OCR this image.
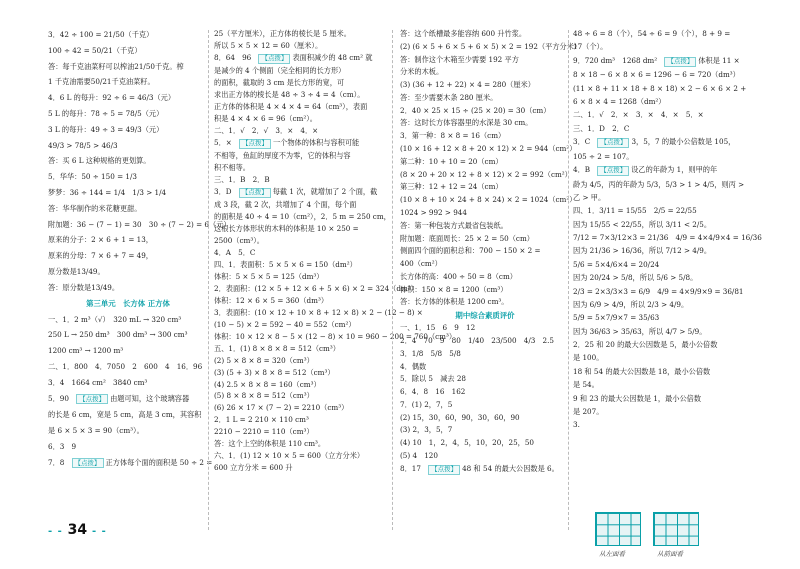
3．42 ÷ 100 = 21/50（千克）

100 ÷ 42 = 50/21（千克）

答：每千克油菜籽可以榨油21/50千克。榨

1 千克油需要50/21千克油菜籽。

4．6 L 的每升：92 ÷ 6 = 46/3（元）

5 L 的每升：78 ÷ 5 = 78/5（元）

3 L 的每升：49 ÷ 3 = 49/3（元）

49/3 > 78/5 > 46/3

答：买 6 L 这种规格的更划算。

5．华华：50 ÷ 150 = 1/3

梦梦：36 ÷ 144 = 1/4　1/3 > 1/4

答：华华制作的米花糖更甜。

附加题：36 − (7 − 1) = 30　30 ÷ (7 − 2) = 6（元）

原来的分子：2 × 6 + 1 = 13，

原来的分母：7 × 6 + 7 = 49，

原分数是13/49。

答：原分数是13/49。

第三单元　长方体 正方体

一、1．2 m³（√）　320 mL → 320 cm³

250 L → 250 dm³　300 dm³ → 300 cm³

1200 cm³ → 1200 m³

二、1．800　4．7050　2　600　4　16．96

3．4　1664 cm²　3840 cm³

5．90　【点拨】 由题可知，这个玻璃容器

的长是 6 cm，宽是 5 cm，高是 3 cm，其容积

是 6 × 5 × 3 = 90（cm³）。

6．3　9

7．8　【点拨】 正方体每个面的面积是 50 ÷ 2 =

25（平方厘米），正方体的棱长是 5 厘米。

所以 5 × 5 × 12 = 60（厘米）。

8．64　96　【点拨】 表面积减少的 48 cm² 就

是减少的 4 个侧面（完全相同的长方形）

的面积，截取的 3 cm 是长方形的宽，可

求出正方体的棱长是 48 ÷ 3 ÷ 4 = 4（cm）。

正方体的体积是 4 × 4 × 4 = 64（cm³），表面

积是 4 × 4 × 6 = 96（cm²）。

二、1．√　2．√　3．×　4．×

5．×　【点拨】 一个物体的体积与容积可能

不相等，鱼缸的厚度不为零，它的体积与容

积不相等。

三、1．B　2．B

3．D　【点拨】 每截 1 次，就增加了 2 个面，截

成 3 段，截 2 次，共增加了 4 个面，每个面

的面积是 40 ÷ 4 = 10（cm²），2．5 m = 250 cm，

这根长方体形状的木料的体积是 10 × 250 =

2500（cm³）。

4．A　5．C

四、1．表面积：5 × 5 × 6 = 150（dm²）

体积：5 × 5 × 5 = 125（dm³）

2．表面积：(12 × 5 + 12 × 6 + 5 × 6) × 2 = 324（dm²）

体积：12 × 6 × 5 = 360（dm³）

3．表面积：(10 × 12 + 10 × 8 + 12 × 8) × 2 − (12 − 8) ×

(10 − 5) × 2 = 592 − 40 = 552（cm²）

体积：10 × 12 × 8 − 5 × (12 − 8) × 10 = 960 − 200 = 760（cm³）

五、1．(1) 8 × 8 × 8 = 512（cm³）

(2) 5 × 8 × 8 = 320（cm³）

(3) (5 + 3) × 8 × 8 = 512（cm³）

(4) 2.5 × 8 × 8 = 160（cm³）

(5) 8 × 8 × 8 = 512（cm³）

(6) 26 × 17 × (7 − 2) = 2210（cm³）

2．1 L = 2 210 × 110 cm³

2210 − 2210 = 110（cm³）

答：这个上空的体积是 110 cm³。

六、1．(1) 12 × 10 × 5 = 600（立方分米）

600 立方分米 = 600 升

答：这个纸槽最多能容纳 600 升竹浆。

(2) (6 × 5 + 6 × 5 + 6 × 5) × 2 = 192（平方分米）

答：制作这个木箱至少需要 192 平方

分米的木板。

(3) (36 + 12 + 22) × 4 = 280（厘米）

答：至少需要木条 280 厘米。

2．40 × 25 × 15 ÷ (25 × 20) = 30（cm）

答：这时长方体容器里的水深是 30 cm。

3．第一种：8 × 8 = 16（cm）

(10 × 16 + 12 × 8 + 20 × 12) × 2 = 944（cm²）

第二种：10 + 10 = 20（cm）

(8 × 20 + 20 × 12 + 8 × 12) × 2 = 992（cm²）

第三种：12 + 12 = 24（cm）

(10 × 8 + 10 × 24 + 8 × 24) × 2 = 1024（cm²）

1024 > 992 > 944

答：第一种包装方式最省包装纸。

附加题：底面周长：25 × 2 = 50（cm）

侧面四个面的面积总和：700 − 150 × 2 =

400（cm²）

长方体的高：400 ÷ 50 = 8（cm）

体积：150 × 8 = 1200（cm³）

答：长方体的体积是 1200 cm³。

期中综合素质评价

一、1．15　6　9　12

2．4　70　9　80　1/40　23/500　4/3　2.5

3．1/8　5/8　5/8

4．偶数

5．除以 5　减去 28

6．4．8　16　162

7．(1) 2，7，5

(2) 15，30，60，90，30，60，90

(3) 2，3，5，7

(4) 10　1，2，4，5，10，20，25，50

(5) 4　120

8．17　【点拨】 48 和 54 的最大公因数是 6。

48 ÷ 6 = 8（个），54 ÷ 6 = 9（个），8 + 9 =

17（个）。

9．720 dm³　1268 dm²　【点拨】 体积是 11 ×

8 × 18 − 6 × 8 × 6 = 1296 − 6 = 720（dm³）

(11 × 8 + 11 × 18 + 8 × 18) × 2 − 6 × 6 × 2 +

6 × 8 × 4 = 1268（dm²）

二、1．√　2．×　3．×　4．×　5．×

三、1．D　2．C

3．C　【点拨】 3，5，7 的最小公倍数是 105，

105 ÷ 2 = 107。

4．B　【点拨】 设乙的年龄为 1，则甲的年

龄为 4/5，丙的年龄为 5/3，5/3 > 1 > 4/5，则丙 >

乙 > 甲。

四、1．3/11 = 15/55　2/5 = 22/55

因为 15/55 < 22/55，所以 3/11 < 2/5。

7/12 = 7×3/12×3 = 21/36　4/9 = 4×4/9×4 = 16/36

因为 21/36 > 16/36，所以 7/12 > 4/9。

5/6 = 5×4/6×4 = 20/24

因为 20/24 > 5/8，所以 5/6 > 5/8。

2/3 = 2×3/3×3 = 6/9　4/9 = 4×9/9×9 = 36/81

因为 6/9 > 4/9，所以 2/3 > 4/9。

5/9 = 5×7/9×7 = 35/63

因为 36/63 > 35/63，所以 4/7 > 5/9。

2．25 和 20 的最大公因数是 5，最小公倍数

是 100。

18 和 54 的最大公因数是 18，最小公倍数

是 54。

9 和 23 的最大公因数是 1，最小公倍数

是 207。

3.

从左面看	从前面看
- - 34 - -
